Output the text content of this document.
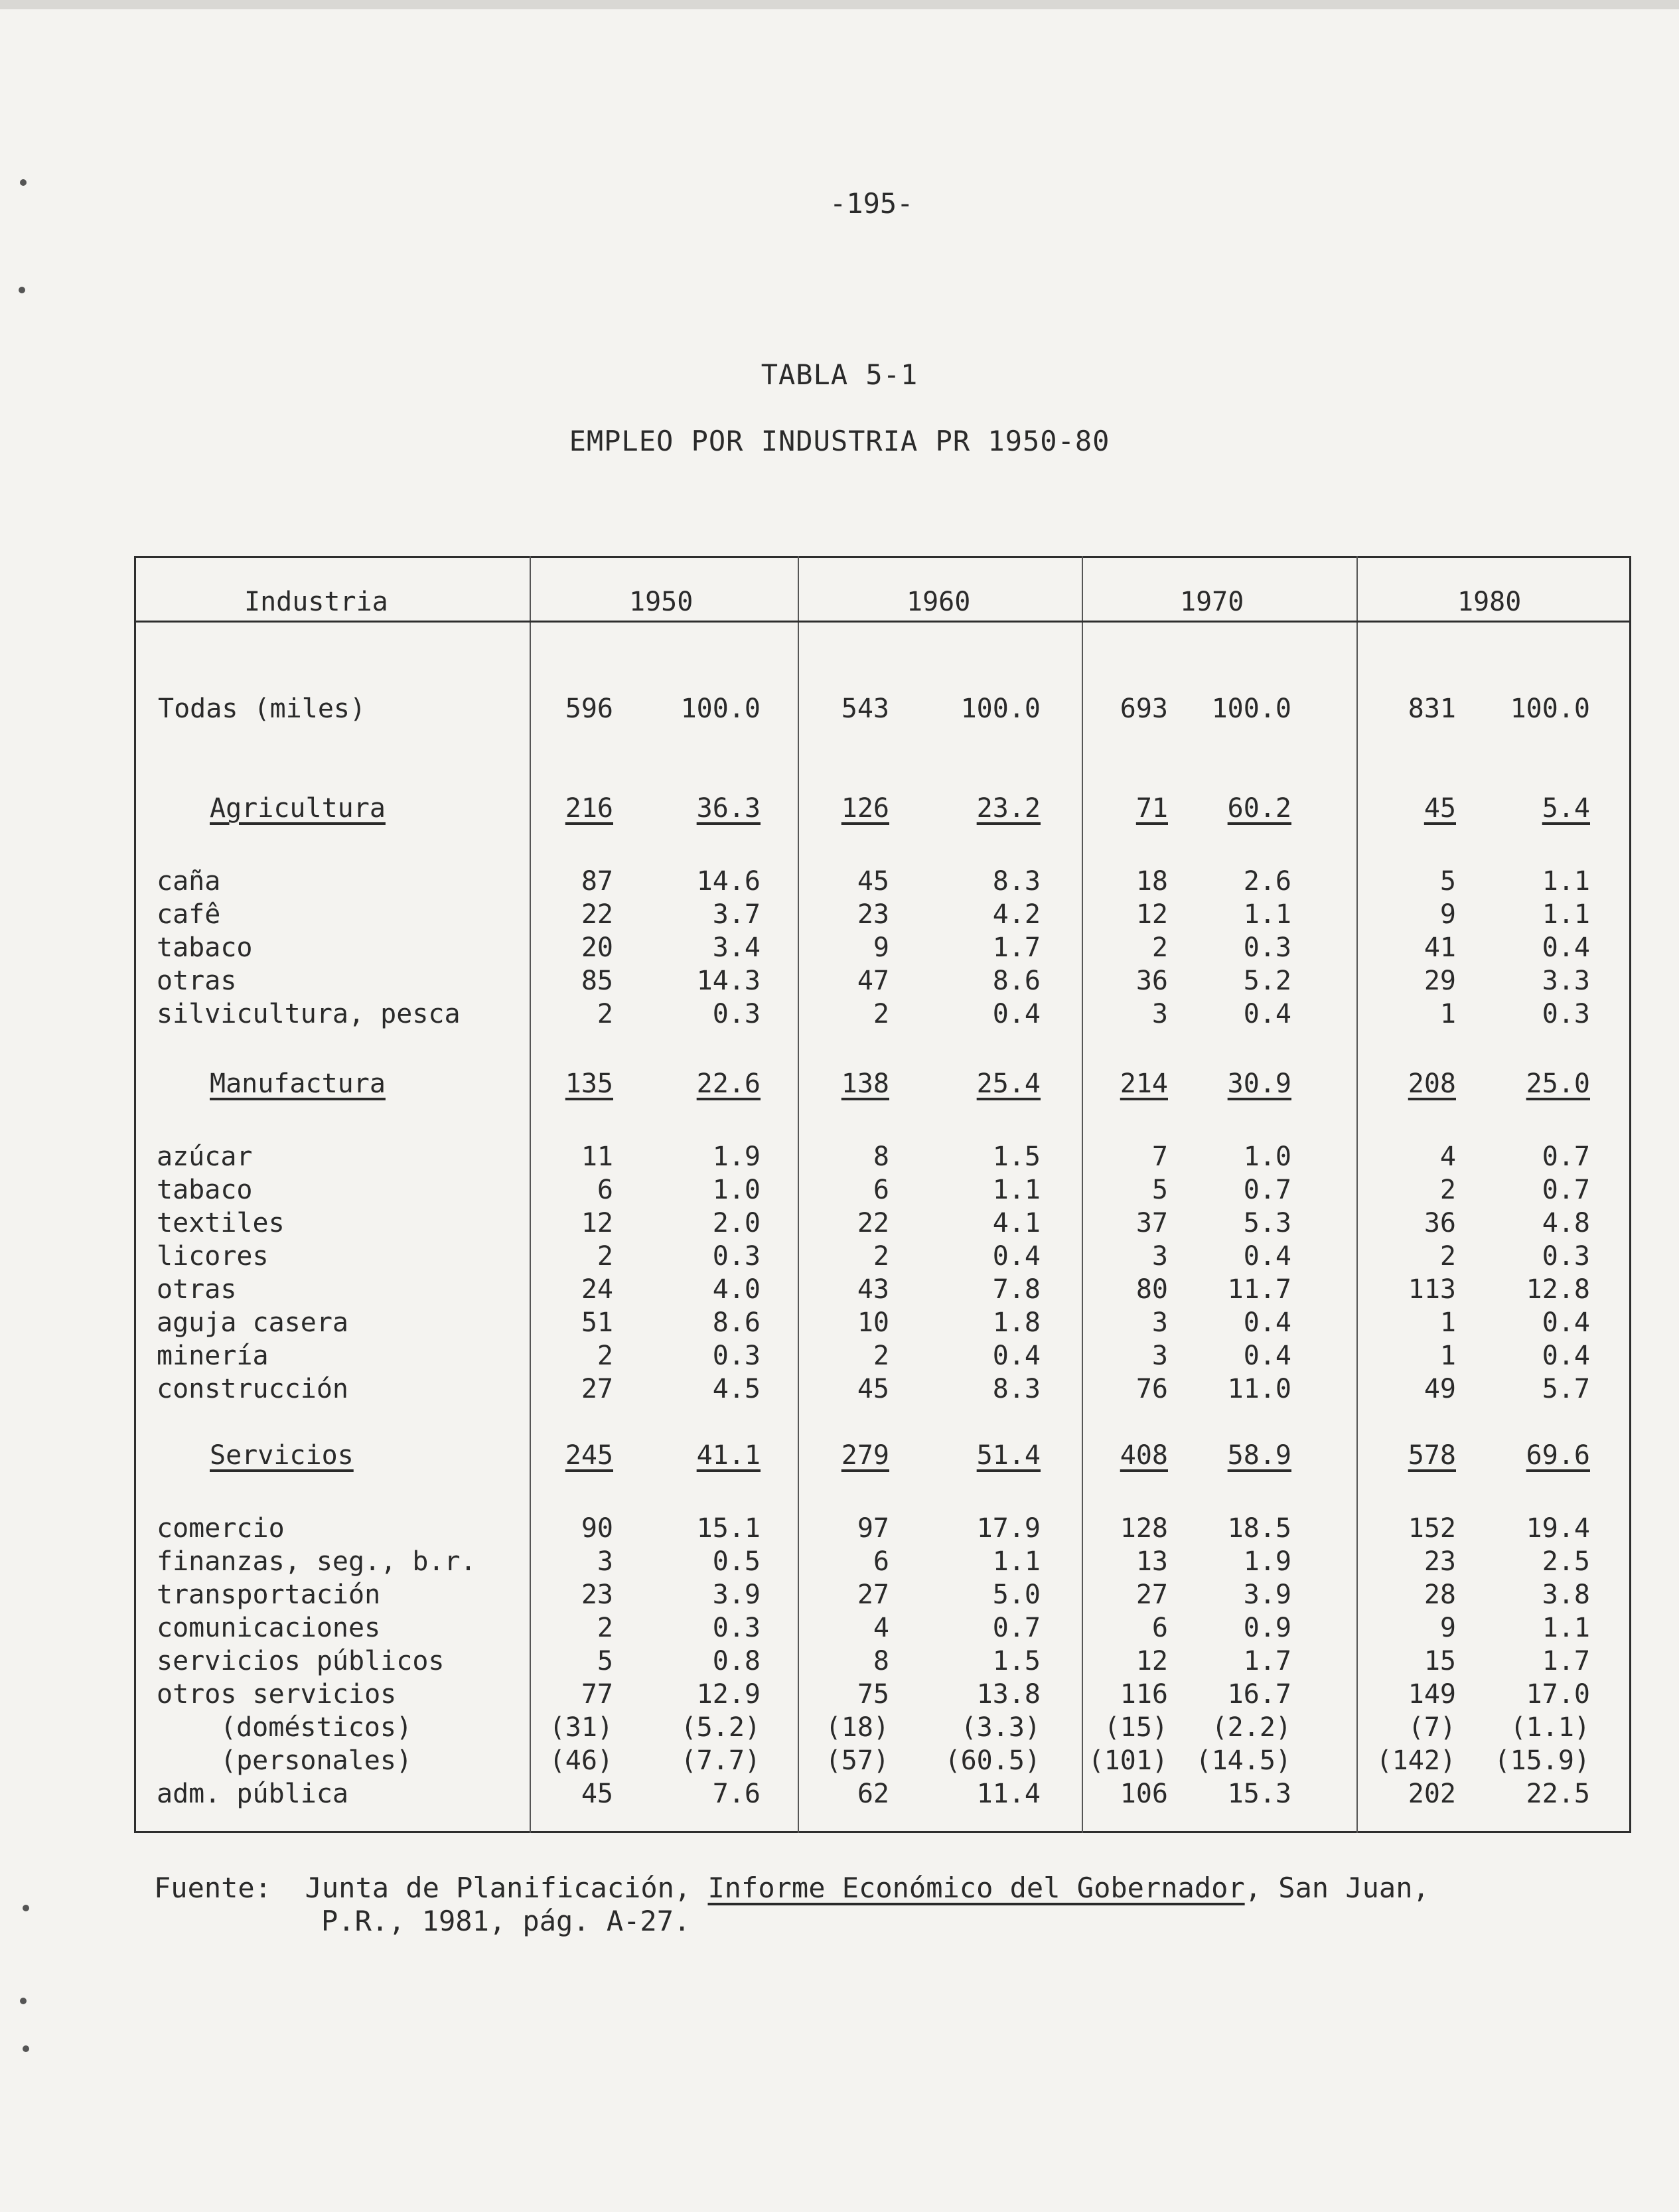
-195-
TABLA 5-1
EMPLEO POR INDUSTRIA PR 1950-80
Industria	1950	1960	1970	1980
Todas (miles)	596	100.0	543	100.0	693 100.0	831 100.0
Agricultura	216	36.3	126	23.2	71 60.2	45	5.4
caña	87	14.6	45	8.3	18	2.6	5	1.1
cafê	22	3.7	23	4.2	12	1.1	9	1.1
tabaco	20	3.4	9	1.7	2	0.3	41	0.4
otras	85	14.3	47	8.6	36	5.2	29	3.3
silvicultura, pesca	2	0.3	2	0.4	3	0.4	1	0.3
Manufactura	135	22.6	138	25.4	214 30.9	208	25.0
azúcar	11	1.9	8	1.5	7	1.0	4	0.7
tabaco	6	1.0	6	1.1	5	0.7	2	0.7
textiles	12	2.0	22	4.1	37	5.3	36	4.8
licores	2	0.3	2	0.4	3	0.4	2	0.3
otras	24	4.0	43	7.8	80 11.7	113	12.8
aguja casera	51	8.6	10	1.8	3	0.4	1	0.4
minería	2	0.3	2	0.4	3	0.4	1	0.4
construcción	27	4.5	45	8.3	76 11.0	49	5.7
Servicios	245	41.1	279	51.4	408 58.9	578	69.6
comercio	90	15.1	97	17.9	128 18.5	152	19.4
finanzas, seg., b.r.	3	0.5	6	1.1	13	1.9	23	2.5
transportación	23	3.9	27	5.0	27	3.9	28	3.8
comunicaciones	2	0.3	4	0.7	6	0.9	9	1.1
servicios públicos	5	0.8	8	1.5	12	1.7	15	1.7
otros servicios	77	12.9	75	13.8	116 16.7	149	17.0
(domésticos)	(31)	(5.2) (18)	(3.3) (15) (2.2)	(7) (1.1)
(personales)	(46)	(7.7) (57) (60.5) (101) (14.5)	(142) (15.9)
adm. pública	45	7.6	62	11.4	106 15.3	202	22.5
Fuente: Junta de Planificación, Informe Económico del Gobernador, San Juan,
P.R., 1981, pág. A-27.
